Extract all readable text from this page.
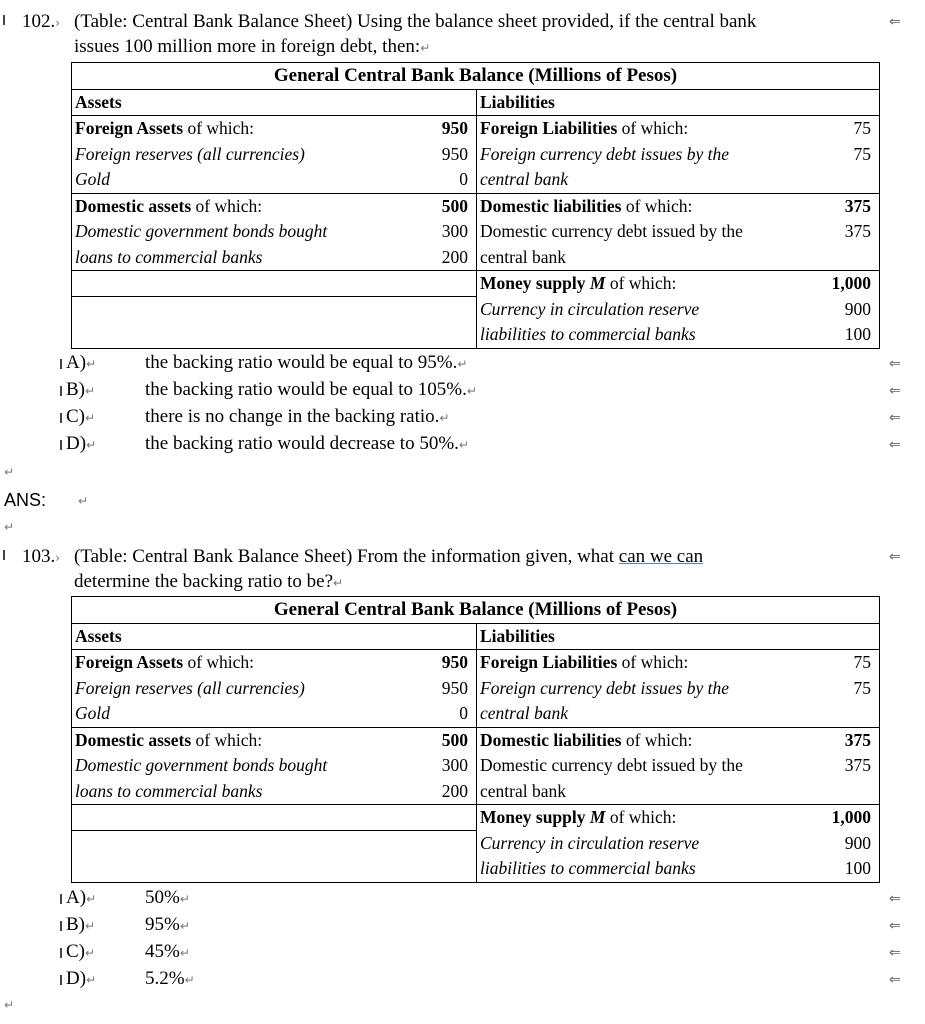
102.› (Table: Central Bank Balance Sheet) Using the balance sheet provided, if the central bank	⇐
issues 100 million more in foreign debt, then:↵
General Central Bank Balance (Millions of Pesos)			
Assets		Liabilities	
Foreign Assets of which:	950	Foreign Liabilities of which:	75
Foreign reserves (all currencies)	950	Foreign currency debt issues by the	75
Gold	0	central bank	
Domestic assets of which:	500	Domestic liabilities of which:	375
Domestic government bonds bought	300	Domestic currency debt issued by the	375
loans to commercial banks	200	central bank	
		Money supply M of which:	1,000
		Currency in circulation reserve	900
		liabilities to commercial banks	100
A)↵	the backing ratio would be equal to 95%.↵	⇐
B)↵	the backing ratio would be equal to 105%.↵	⇐
C)↵	there is no change in the backing ratio.↵	⇐
D)↵	the backing ratio would decrease to 50%.↵	⇐
↵
ANS:	↵
↵
103.› (Table: Central Bank Balance Sheet) From the information given, what can we can	⇐
determine the backing ratio to be?↵
General Central Bank Balance (Millions of Pesos)			
Assets		Liabilities	
Foreign Assets of which:	950	Foreign Liabilities of which:	75
Foreign reserves (all currencies)	950	Foreign currency debt issues by the	75
Gold	0	central bank	
Domestic assets of which:	500	Domestic liabilities of which:	375
Domestic government bonds bought	300	Domestic currency debt issued by the	375
loans to commercial banks	200	central bank	
		Money supply M of which:	1,000
		Currency in circulation reserve	900
		liabilities to commercial banks	100
A)↵	50%↵	⇐
B)↵	95%↵	⇐
C)↵	45%↵	⇐
D)↵	5.2%↵	⇐
↵
